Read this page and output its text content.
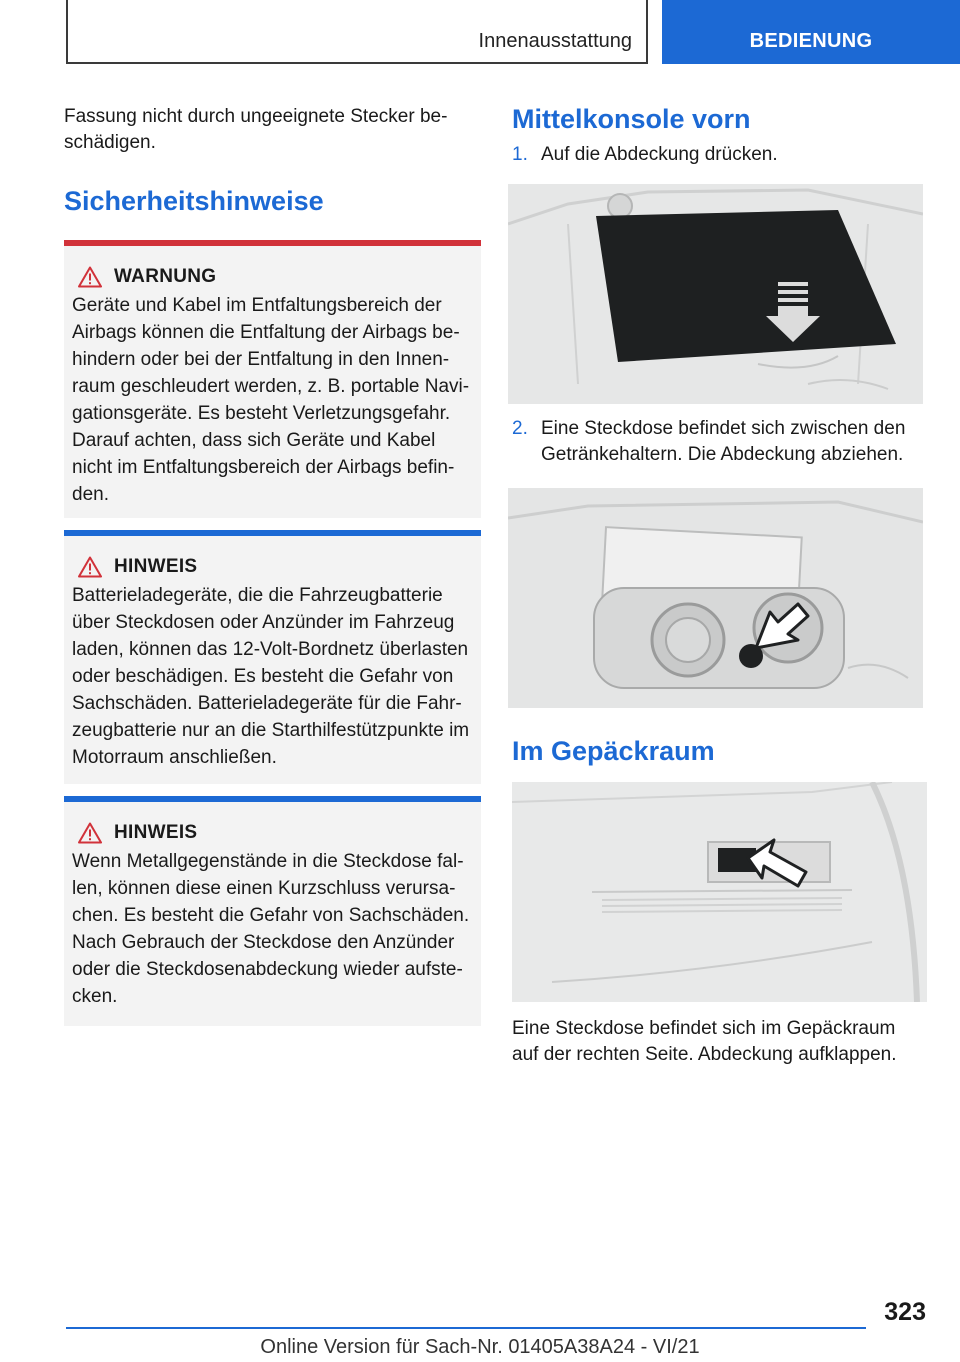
Innenausstattung	BEDIENUNG

Fassung nicht durch ungeeignete Stecker beschädigen.

Sicherheitshinweise
WARNUNG

Geräte und Kabel im Entfaltungsbereich der Airbags können die Entfaltung der Airbags behindern oder bei der Entfaltung in den Innenraum geschleudert werden, z. B. portable Navigationsgeräte. Es besteht Verletzungsgefahr. Darauf achten, dass sich Geräte und Kabel nicht im Entfaltungsbereich der Airbags befinden.

HINWEIS

Batterieladegeräte, die die Fahrzeugbatterie über Steckdosen oder Anzünder im Fahrzeug laden, können das 12-Volt-Bordnetz überlasten oder beschädigen. Es besteht die Gefahr von Sachschäden. Batterieladegeräte für die Fahrzeugbatterie nur an die Starthilfestützpunkte im Motorraum anschließen.

HINWEIS

Wenn Metallgegenstände in die Steckdose fallen, können diese einen Kurzschluss verursachen. Es besteht die Gefahr von Sachschäden. Nach Gebrauch der Steckdose den Anzünder oder die Steckdosenabdeckung wieder aufstecken.

Mittelkonsole vorn
1. Auf die Abdeckung drücken.
2. Eine Steckdose befindet sich zwischen den Getränkehaltern. Die Abdeckung abziehen.
Im Gepäckraum

Eine Steckdose befindet sich im Gepäckraum auf der rechten Seite. Abdeckung aufklappen.

323
Online Version für Sach-Nr. 01405A38A24 - VI/21
